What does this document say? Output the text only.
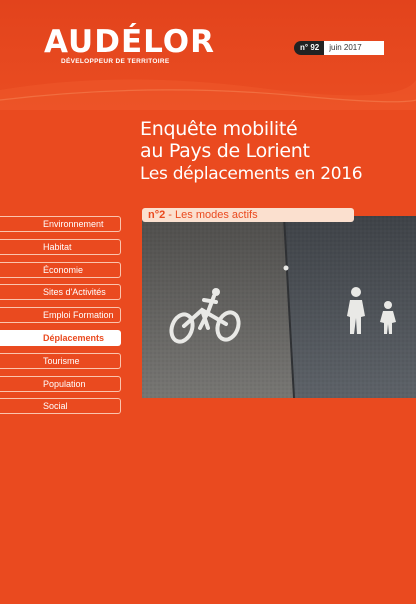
AUDÉLOR
DÉVELOPPEUR DE TERRITOIRE
n° 92	juin 2017
Enquête mobilité
au Pays de Lorient
Les déplacements en 2016
n°2 - Les modes actifs
Environnement
Habitat
Économie
Sites d'Activités
Emploi Formation
Déplacements
Tourisme
Population
Social
